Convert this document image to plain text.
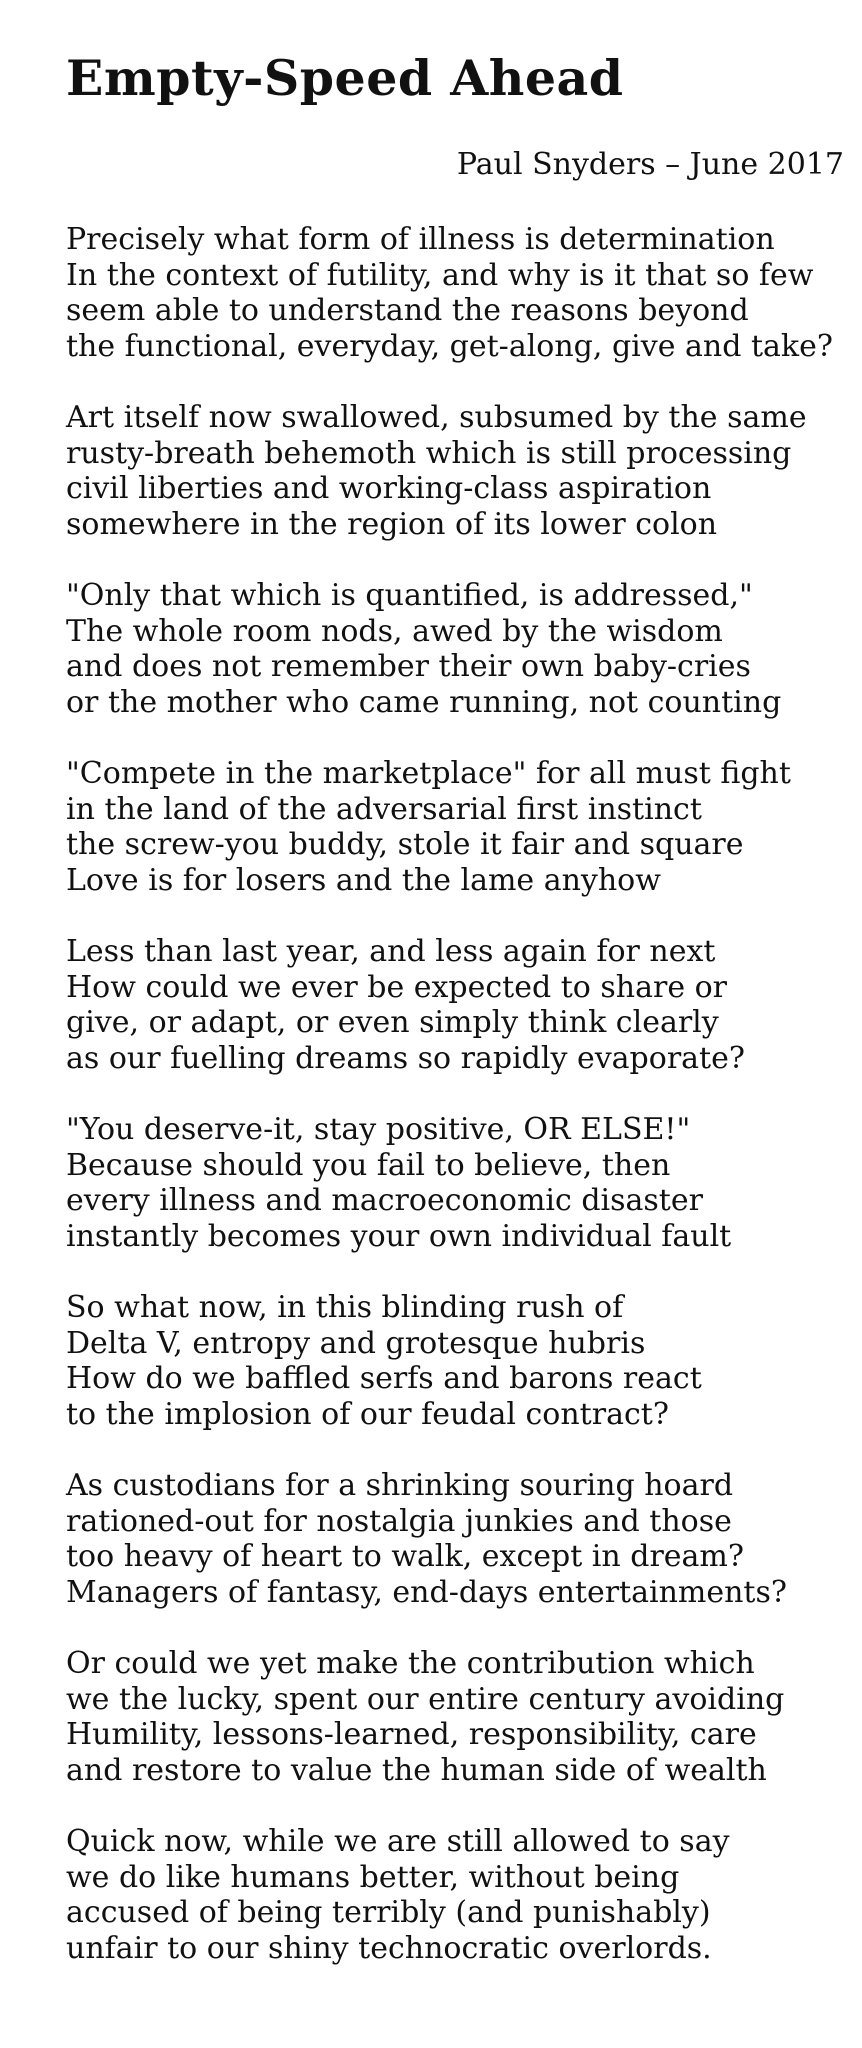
Empty-Speed Ahead
Paul Snyders – June 2017
Precisely what form of illness is determination
In the context of futility, and why is it that so few
seem able to understand the reasons beyond
the functional, everyday, get-along, give and take?
Art itself now swallowed, subsumed by the same
rusty-breath behemoth which is still processing
civil liberties and working-class aspiration
somewhere in the region of its lower colon
"Only that which is quantified, is addressed,"
The whole room nods, awed by the wisdom
and does not remember their own baby-cries
or the mother who came running, not counting
"Compete in the marketplace" for all must fight
in the land of the adversarial first instinct
the screw-you buddy, stole it fair and square
Love is for losers and the lame anyhow
Less than last year, and less again for next
How could we ever be expected to share or
give, or adapt, or even simply think clearly
as our fuelling dreams so rapidly evaporate?
"You deserve-it, stay positive, OR ELSE!"
Because should you fail to believe, then
every illness and macroeconomic disaster
instantly becomes your own individual fault
So what now, in this blinding rush of
Delta V, entropy and grotesque hubris
How do we baffled serfs and barons react
to the implosion of our feudal contract?
As custodians for a shrinking souring hoard
rationed-out for nostalgia junkies and those
too heavy of heart to walk, except in dream?
Managers of fantasy, end-days entertainments?
Or could we yet make the contribution which
we the lucky, spent our entire century avoiding
Humility, lessons-learned, responsibility, care
and restore to value the human side of wealth
Quick now, while we are still allowed to say
we do like humans better, without being
accused of being terribly (and punishably)
unfair to our shiny technocratic overlords.
